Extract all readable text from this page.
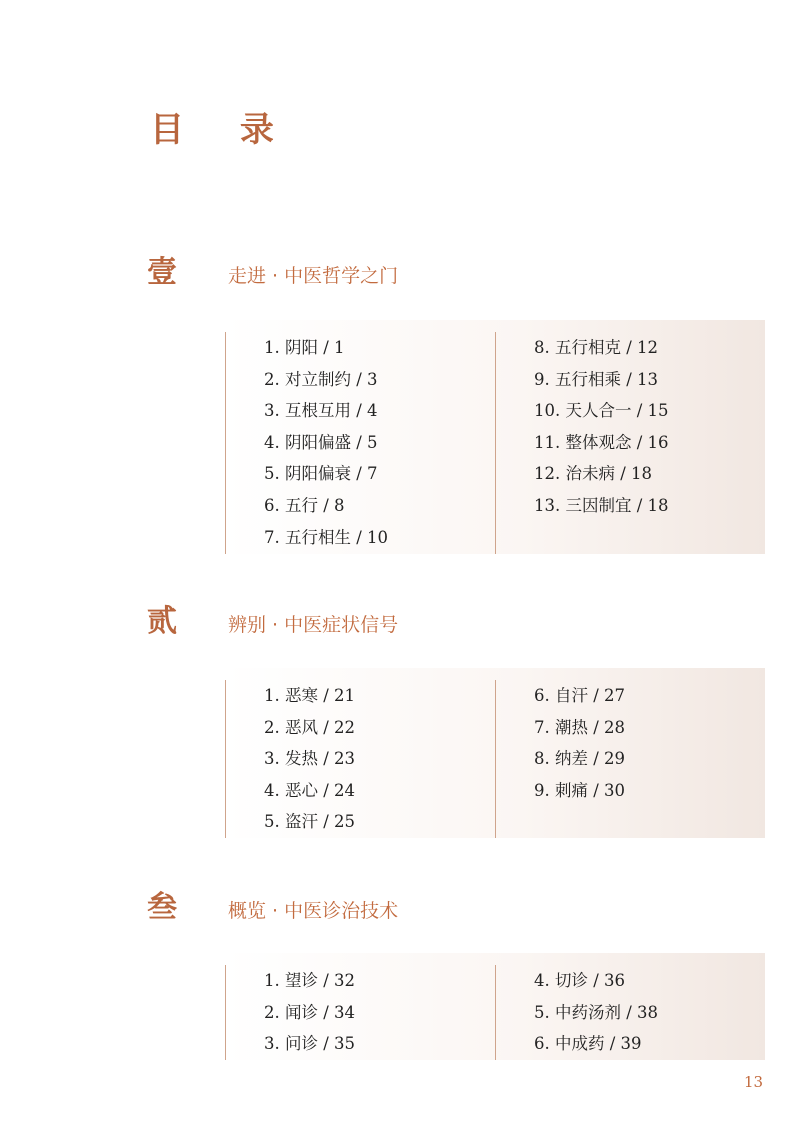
目 录
壹	走进 · 中医哲学之门
1. 阴阳 / 1
2. 对立制约 / 3
3. 互根互用 / 4
4. 阴阳偏盛 / 5
5. 阴阳偏衰 / 7
6. 五行 / 8
7. 五行相生 / 10
8. 五行相克 / 12
9. 五行相乘 / 13
10. 天人合一 / 15
11. 整体观念 / 16
12. 治未病 / 18
13. 三因制宜 / 18
贰	辨别 · 中医症状信号
1. 恶寒 / 21
2. 恶风 / 22
3. 发热 / 23
4. 恶心 / 24
5. 盗汗 / 25
6. 自汗 / 27
7. 潮热 / 28
8. 纳差 / 29
9. 刺痛 / 30
叁	概览 · 中医诊治技术
1. 望诊 / 32
2. 闻诊 / 34
3. 问诊 / 35
4. 切诊 / 36
5. 中药汤剂 / 38
6. 中成药 / 39
13
